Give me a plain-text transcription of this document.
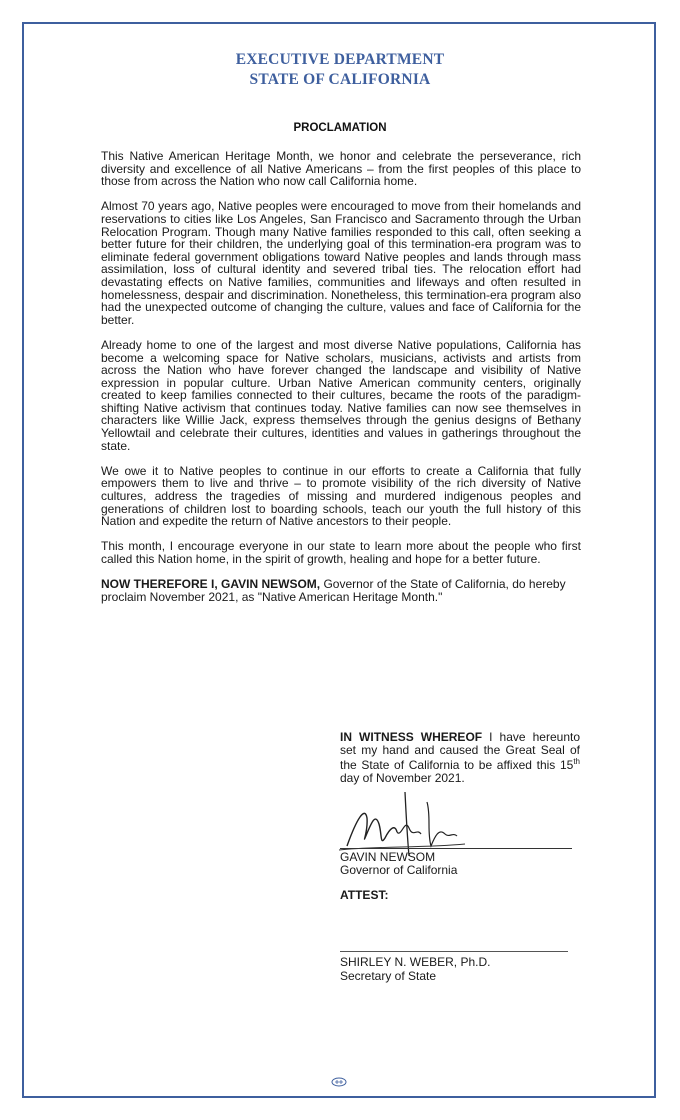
EXECUTIVE DEPARTMENT
STATE OF CALIFORNIA
PROCLAMATION

This Native American Heritage Month, we honor and celebrate the perseverance, rich diversity and excellence of all Native Americans – from the first peoples of this place to those from across the Nation who now call California home.

Almost 70 years ago, Native peoples were encouraged to move from their homelands and reservations to cities like Los Angeles, San Francisco and Sacramento through the Urban Relocation Program. Though many Native families responded to this call, often seeking a better future for their children, the underlying goal of this termination-era program was to eliminate federal government obligations toward Native peoples and lands through mass assimilation, loss of cultural identity and severed tribal ties. The relocation effort had devastating effects on Native families, communities and lifeways and often resulted in homelessness, despair and discrimination. Nonetheless, this termination-era program also had the unexpected outcome of changing the culture, values and face of California for the better.

Already home to one of the largest and most diverse Native populations, California has become a welcoming space for Native scholars, musicians, activists and artists from across the Nation who have forever changed the landscape and visibility of Native expression in popular culture. Urban Native American community centers, originally created to keep families connected to their cultures, became the roots of the paradigm-shifting Native activism that continues today. Native families can now see themselves in characters like Willie Jack, express themselves through the genius designs of Bethany Yellowtail and celebrate their cultures, identities and values in gatherings throughout the state.

We owe it to Native peoples to continue in our efforts to create a California that fully empowers them to live and thrive – to promote visibility of the rich diversity of Native cultures, address the tragedies of missing and murdered indigenous peoples and generations of children lost to boarding schools, teach our youth the full history of this Nation and expedite the return of Native ancestors to their people.

This month, I encourage everyone in our state to learn more about the people who first called this Nation home, in the spirit of growth, healing and hope for a better future.

NOW THEREFORE I, GAVIN NEWSOM, Governor of the State of California, do hereby proclaim November 2021, as "Native American Heritage Month."

IN WITNESS WHEREOF I have hereunto set my hand and caused the Great Seal of the State of California to be affixed this 15th day of November 2021.
GAVIN NEWSOM
Governor of California
ATTEST:
SHIRLEY N. WEBER, Ph.D.
Secretary of State
